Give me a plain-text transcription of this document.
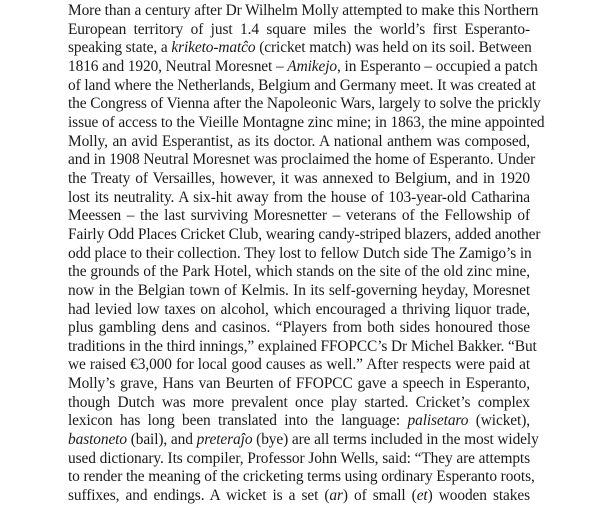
More than a century after Dr Wilhelm Molly attempted to make this Northern
European territory of just 1.4 square miles the world’s first Esperanto-
speaking state, a kriketo-matĉo (cricket match) was held on its soil. Between
1816 and 1920, Neutral Moresnet – Amikejo, in Esperanto – occupied a patch
of land where the Netherlands, Belgium and Germany meet. It was created at
the Congress of Vienna after the Napoleonic Wars, largely to solve the prickly
issue of access to the Vieille Montagne zinc mine; in 1863, the mine appointed
Molly, an avid Esperantist, as its doctor. A national anthem was composed,
and in 1908 Neutral Moresnet was proclaimed the home of Esperanto. Under
the Treaty of Versailles, however, it was annexed to Belgium, and in 1920
lost its neutrality. A six-hit away from the house of 103-year-old Catharina
Meessen – the last surviving Moresnetter – veterans of the Fellowship of
Fairly Odd Places Cricket Club, wearing candy-striped blazers, added another
odd place to their collection. They lost to fellow Dutch side The Zamigo’s in
the grounds of the Park Hotel, which stands on the site of the old zinc mine,
now in the Belgian town of Kelmis. In its self-governing heyday, Moresnet
had levied low taxes on alcohol, which encouraged a thriving liquor trade,
plus gambling dens and casinos. “Players from both sides honoured those
traditions in the third innings,” explained FFOPCC’s Dr Michel Bakker. “But
we raised €3,000 for local good causes as well.” After respects were paid at
Molly’s grave, Hans van Beurten of FFOPCC gave a speech in Esperanto,
though Dutch was more prevalent once play started. Cricket’s complex
lexicon has long been translated into the language: palisetaro (wicket),
bastoneto (bail), and preteraĵo (bye) are all terms included in the most widely
used dictionary. Its compiler, Professor John Wells, said: “They are attempts
to render the meaning of the cricketing terms using ordinary Esperanto roots,
suffixes, and endings. A wicket is a set (ar) of small (et) wooden stakes
